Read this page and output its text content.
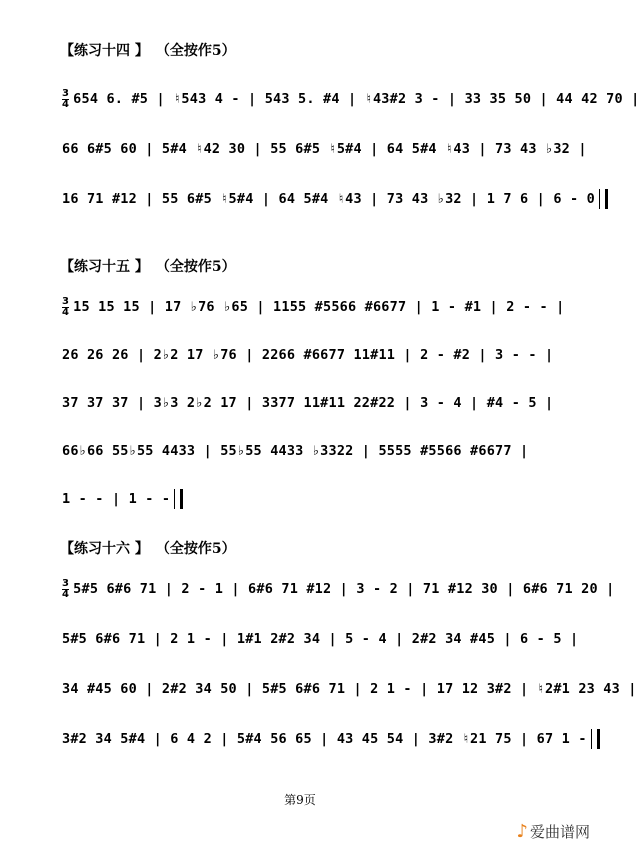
【练习十四 】 （全按作5）
$\frac{3}{4} 654$ 6. #5 | ♮543 4 - | 543 5. #4 | ♮43#2 3 - | 33 35 50 | 44 42 70 |
66 6#5 60 | 5#4 ♮42 30 | 55 6#5 ♮5#4 | 64 5#4 ♮43 | 73 43 ♭32 |
16 71 #12 | 55 6#5 ♮5#4 | 64 5#4 ♮43 | 73 43 ♭32 | 1 7 6 | 6 - 0
【练习十五 】 （全按作5）
$\frac{3}{4} 15$ 15 15 | 17 ♭76 ♭65 | 1155 #5566 #6677 | 1 - #1 | 2 - - |
26 26 26 | 2♭2 17 ♭76 | 2266 #6677 11#11 | 2 - #2 | 3 - - |
37 37 37 | 3♭3 2♭2 17 | 3377 11#11 22#22 | 3 - 4 | #4 - 5 |
66♭66 55♭55 4433 | 55♭55 4433 ♭3322 | 5555 #5566 #6677 |
1 - - | 1 - -
【练习十六 】 （全按作5）
$\frac{3}{4}$ 5#5 6#6 71 | 2 - 1 | 6#6 71 #12 | 3 - 2 | 71 #12 30 | 6#6 71 20 |
5#5 6#6 71 | 2 1 - | 1#1 2#2 34 | 5 - 4 | 2#2 34 #45 | 6 - 5 |
34 #45 60 | 2#2 34 50 | 5#5 6#6 71 | 2 1 - | 17 12 3#2 | ♮2#1 23 43 |
3#2 34 5#4 | 6 4 2 | 5#4 56 65 | 43 45 54 | 3#2 ♮21 75 | 67 1 -
第9页
♪ 爱曲谱网
